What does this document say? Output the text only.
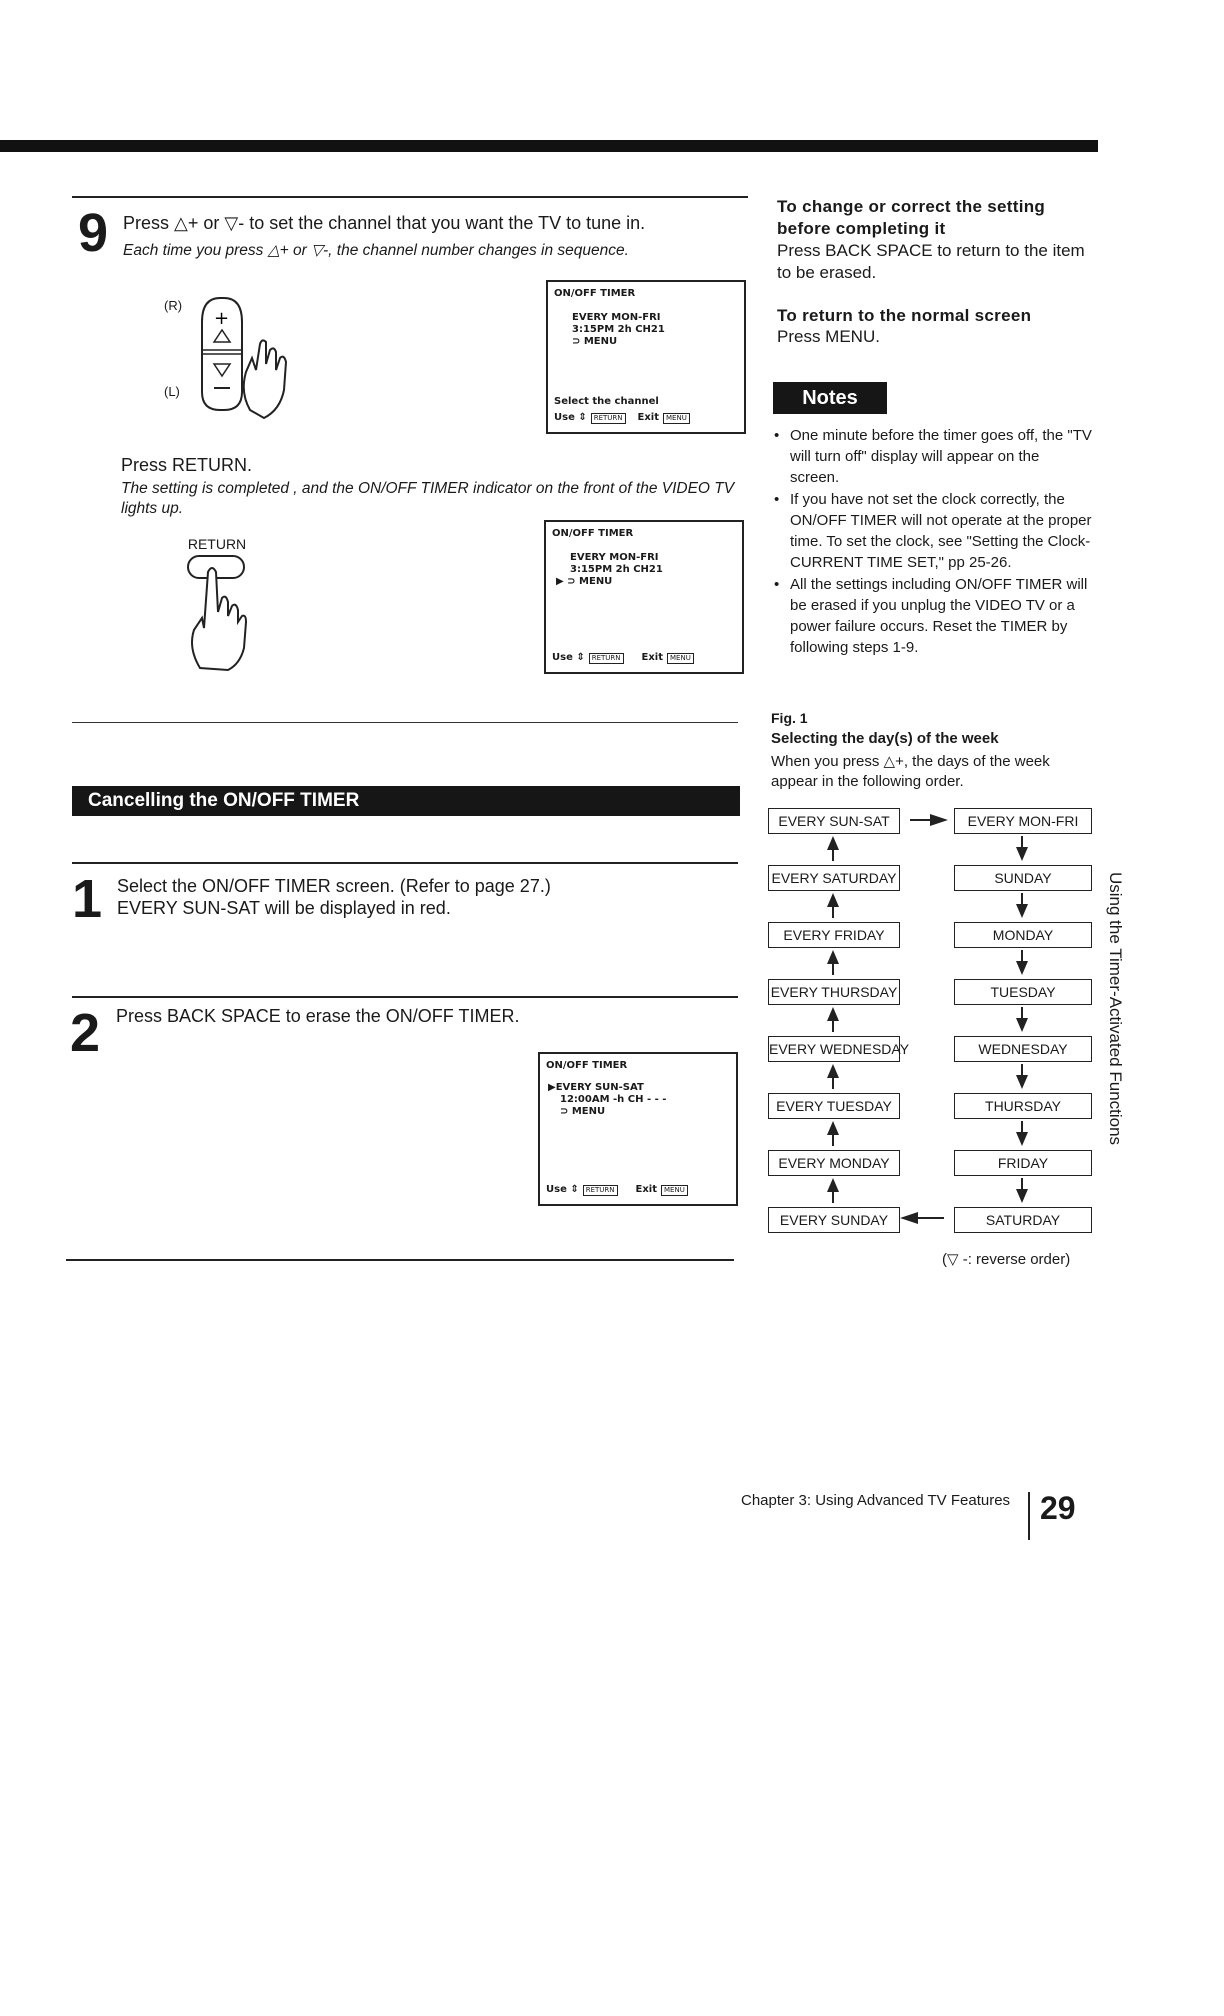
9 Press △+ or ▽- to set the channel that you want the TV to tune in.
Each time you press △+ or ▽-, the channel number changes in sequence.
(R)
(L)
+
ON/OFF TIMER
EVERY MON-FRI
3:15PM 2h CH21
⊃ MENU
Select the channel
Use ⇕	RETURN	Exit	MENU
Press RETURN.
The setting is completed , and the ON/OFF TIMER indicator on the front of the VIDEO TV lights up.
RETURN
ON/OFF TIMER
EVERY MON-FRI
3:15PM 2h CH21
▶ ⊃ MENU
Use ⇕	RETURN	Exit	MENU
Cancelling the ON/OFF TIMER
1 Select the ON/OFF TIMER screen. (Refer to page 27.)
EVERY SUN-SAT will be displayed in red.
2 Press BACK SPACE to erase the ON/OFF TIMER.
ON/OFF TIMER
▶EVERY SUN-SAT
12:00AM -h CH - - -
⊃ MENU
Use ⇕	RETURN	Exit	MENU
To change or correct the setting before completing it
Press BACK SPACE to return to the item to be erased.
To return to the normal screen
Press MENU.
Notes
• One minute before the timer goes off, the "TV will turn off" display will appear on the screen.
• If you have not set the clock correctly, the ON/OFF TIMER will not operate at the proper time. To set the clock, see "Setting the Clock-CURRENT TIME SET," pp 25-26.
• All the settings including ON/OFF TIMER will be erased if you unplug the VIDEO TV or a power failure occurs. Reset the TIMER by following steps 1-9.
Fig. 1
Selecting the day(s) of the week
When you press △+, the days of the week appear in the following order.
EVERY SUN-SAT
EVERY SATURDAY
EVERY FRIDAY
EVERY THURSDAY
EVERY WEDNESDAY
EVERY TUESDAY
EVERY MONDAY
EVERY SUNDAY
EVERY MON-FRI
SUNDAY
MONDAY
TUESDAY
WEDNESDAY
THURSDAY
FRIDAY
SATURDAY
(▽ -: reverse order)
Using the Timer-Activated Functions
Chapter 3: Using Advanced TV Features 29
